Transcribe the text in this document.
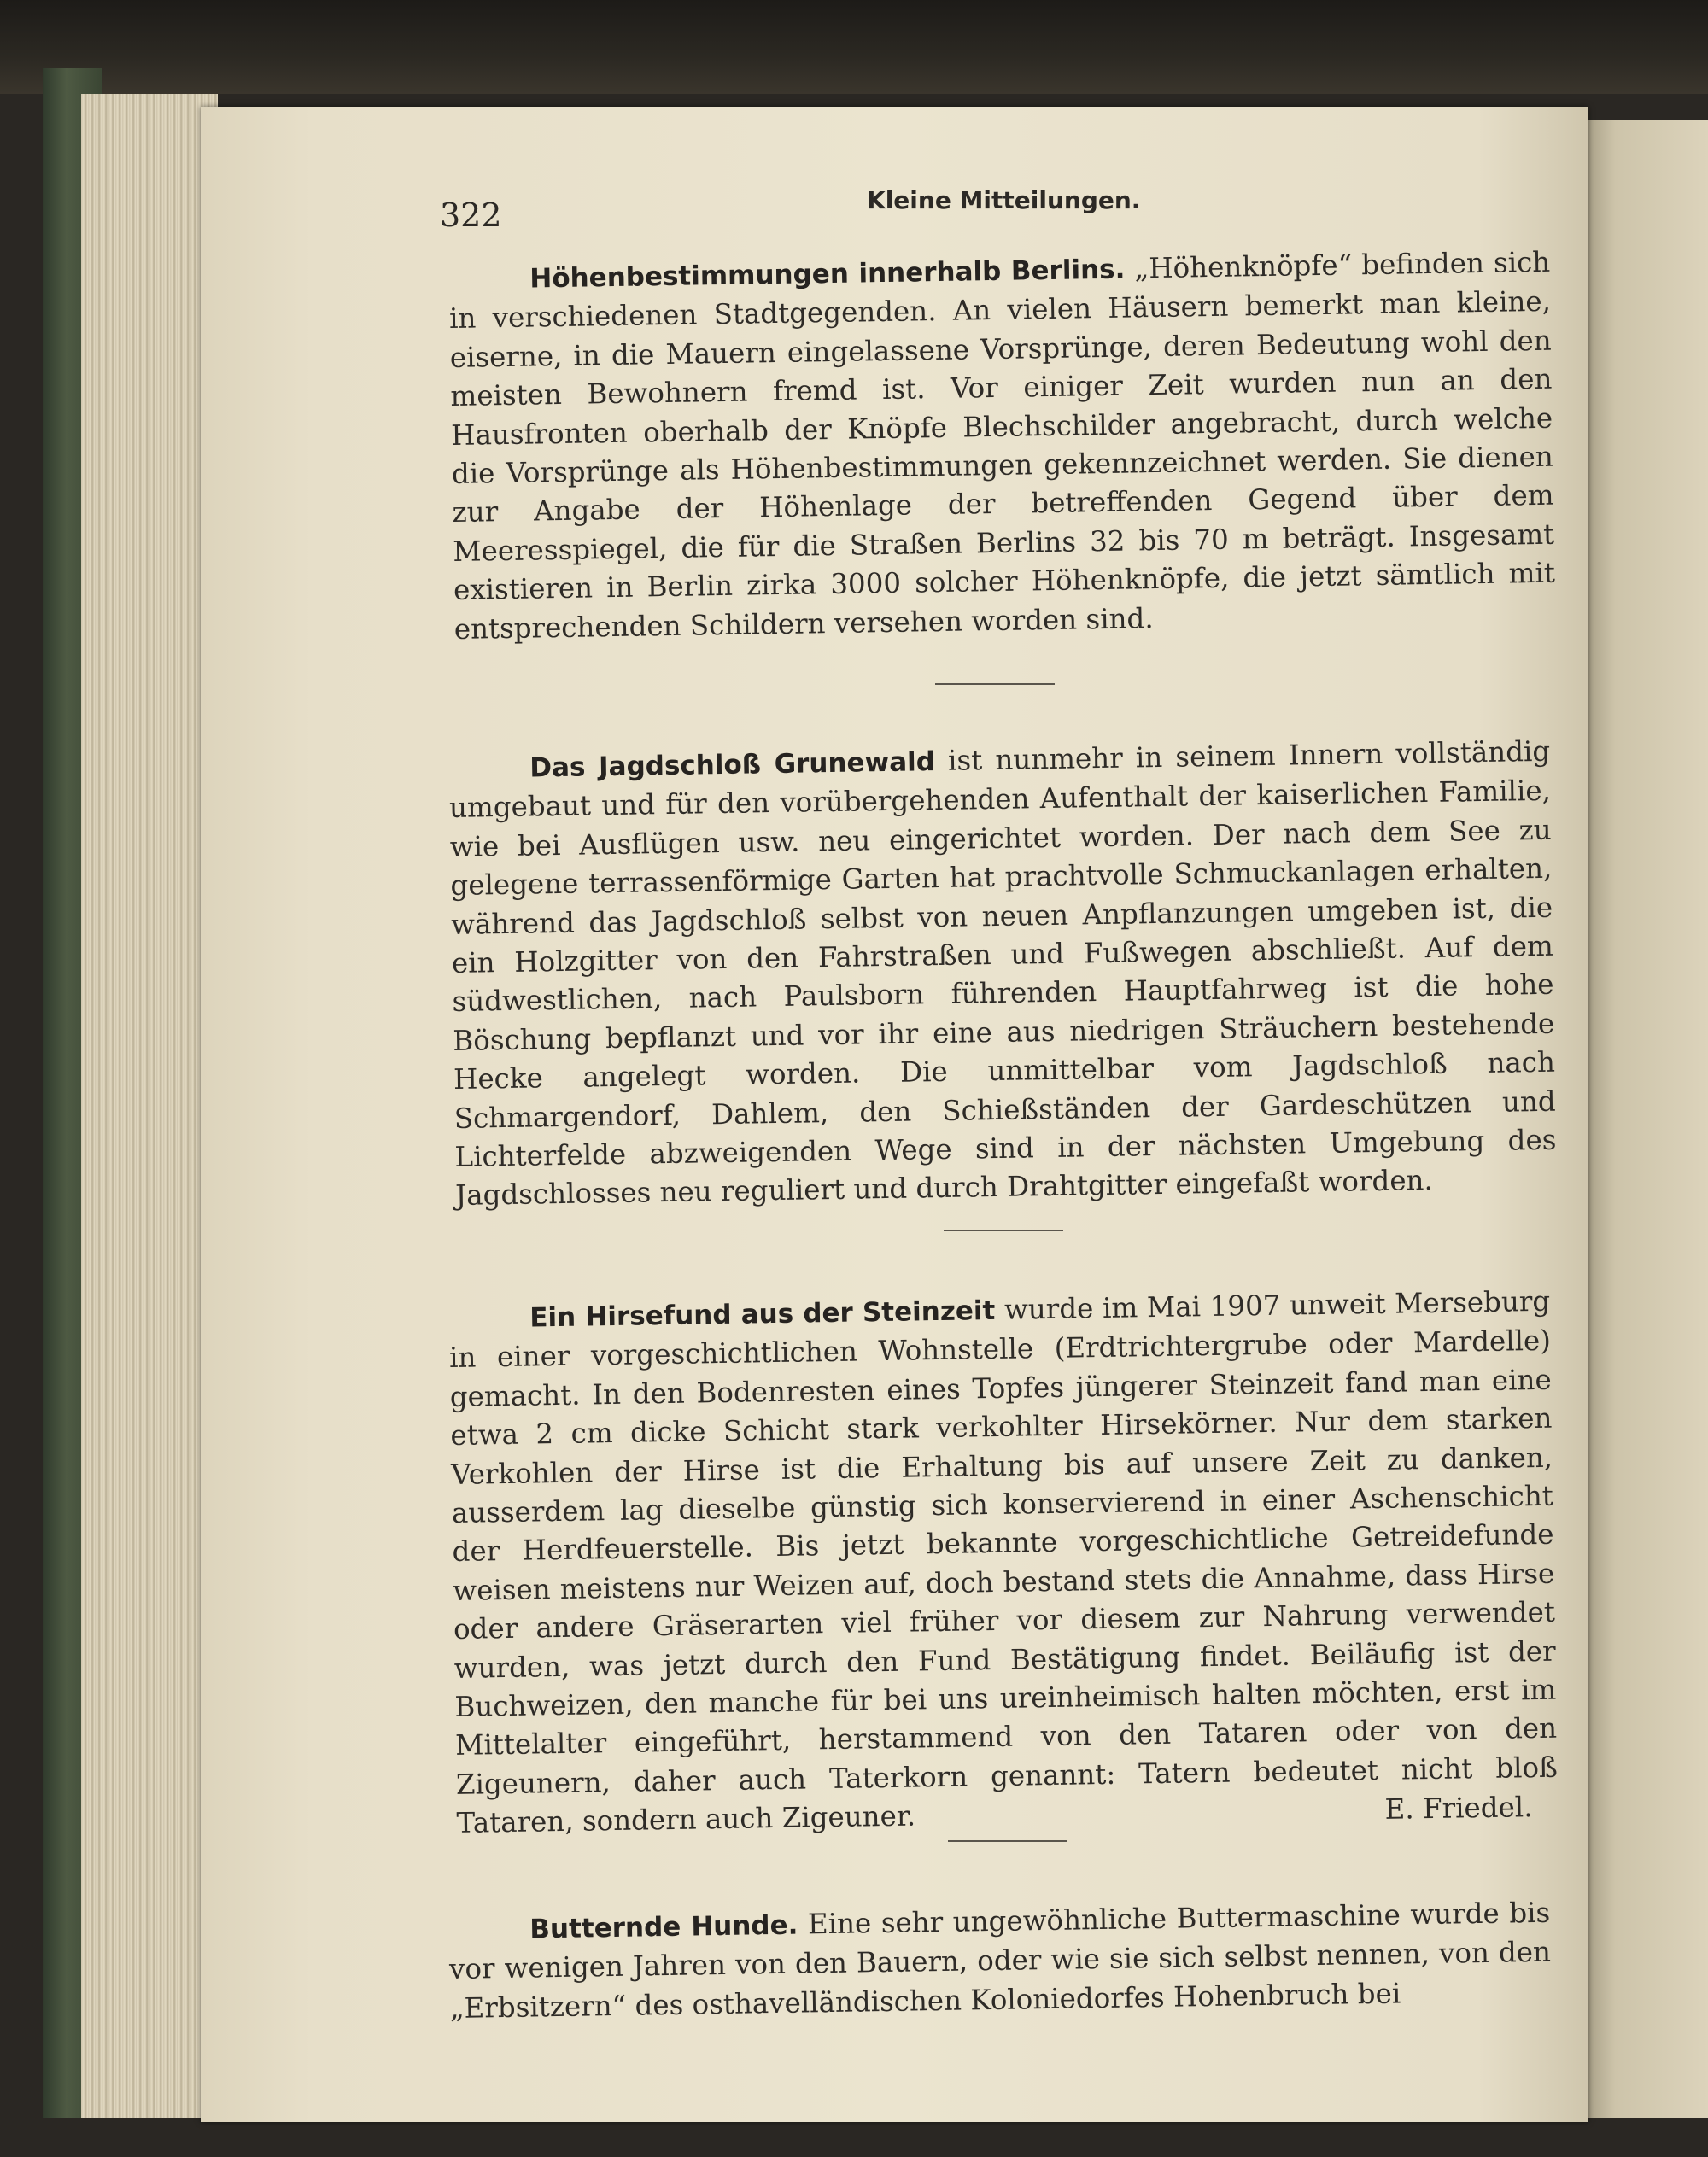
322	Kleine Mitteilungen.

Höhenbestimmungen innerhalb Berlins. „Höhenknöpfe“ befinden sich in verschiedenen Stadtgegenden. An vielen Häusern bemerkt man kleine, eiserne, in die Mauern eingelassene Vorsprünge, deren Bedeutung wohl den meisten Bewohnern fremd ist. Vor einiger Zeit wurden nun an den Hausfronten oberhalb der Knöpfe Blechschilder angebracht, durch welche die Vorsprünge als Höhenbestimmungen gekennzeichnet werden. Sie dienen zur Angabe der Höhenlage der betreffenden Gegend über dem Meeresspiegel, die für die Straßen Berlins 32 bis 70 m beträgt. Insgesamt existieren in Berlin zirka 3000 solcher Höhenknöpfe, die jetzt sämtlich mit entsprechenden Schildern versehen worden sind.

Das Jagdschloß Grunewald ist nunmehr in seinem Innern vollständig umgebaut und für den vorübergehenden Aufenthalt der kaiserlichen Familie, wie bei Ausflügen usw. neu eingerichtet worden. Der nach dem See zu gelegene terrassenförmige Garten hat prachtvolle Schmuckanlagen erhalten, während das Jagdschloß selbst von neuen Anpflanzungen umgeben ist, die ein Holzgitter von den Fahrstraßen und Fußwegen abschließt. Auf dem südwestlichen, nach Paulsborn führenden Hauptfahrweg ist die hohe Böschung bepflanzt und vor ihr eine aus niedrigen Sträuchern bestehende Hecke angelegt worden. Die unmittelbar vom Jagdschloß nach Schmargendorf, Dahlem, den Schießständen der Gardeschützen und Lichterfelde abzweigenden Wege sind in der nächsten Umgebung des Jagdschlosses neu reguliert und durch Drahtgitter eingefaßt worden.

Ein Hirsefund aus der Steinzeit wurde im Mai 1907 unweit Merseburg in einer vorgeschichtlichen Wohnstelle (Erdtrichtergrube oder Mardelle) gemacht. In den Bodenresten eines Topfes jüngerer Steinzeit fand man eine etwa 2 cm dicke Schicht stark verkohlter Hirsekörner. Nur dem starken Verkohlen der Hirse ist die Erhaltung bis auf unsere Zeit zu danken, ausserdem lag dieselbe günstig sich konservierend in einer Aschenschicht der Herdfeuerstelle. Bis jetzt bekannte vorgeschichtliche Getreidefunde weisen meistens nur Weizen auf, doch bestand stets die Annahme, dass Hirse oder andere Gräserarten viel früher vor diesem zur Nahrung verwendet wurden, was jetzt durch den Fund Bestätigung findet. Beiläufig ist der Buchweizen, den manche für bei uns ureinheimisch halten möchten, erst im Mittelalter eingeführt, herstammend von den Tataren oder von den Zigeunern, daher auch Taterkorn genannt: Tatern bedeutet nicht bloß Tataren, sondern auch Zigeuner.	E. Friedel.

Butternde Hunde. Eine sehr ungewöhnliche Buttermaschine wurde bis vor wenigen Jahren von den Bauern, oder wie sie sich selbst nennen, von den „Erbsitzern“ des osthavelländischen Koloniedorfes Hohenbruch bei
